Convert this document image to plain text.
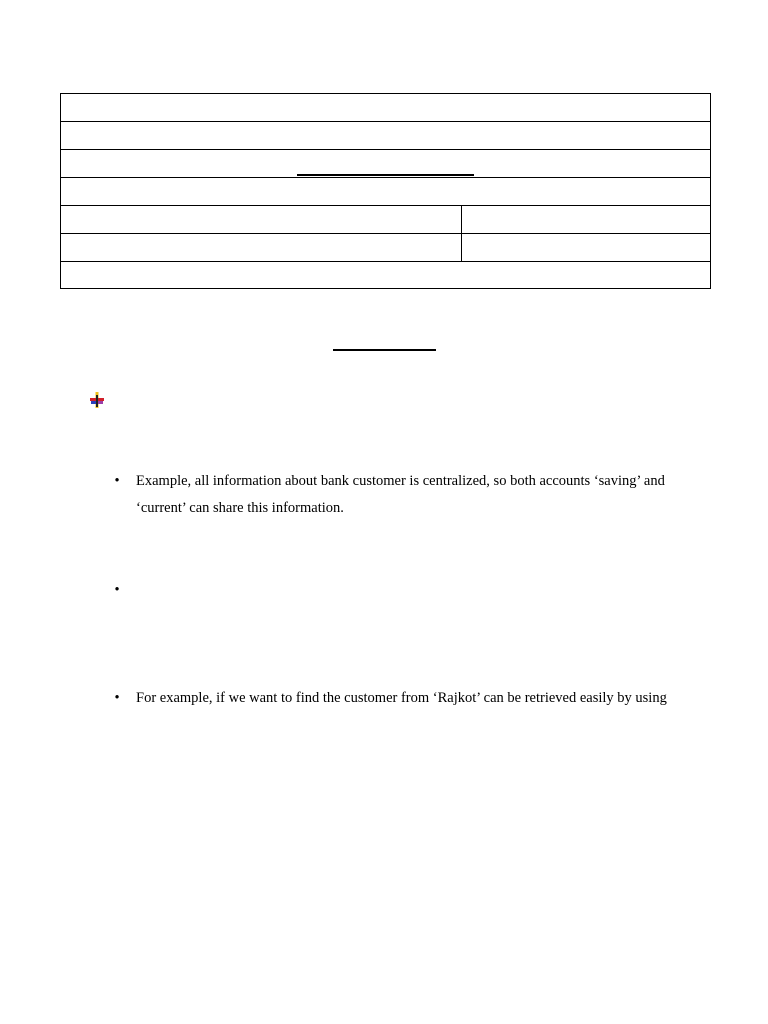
• Example, all information about bank customer is centralized, so both accounts ‘saving’ and
‘current’ can share this information.
•
• For example, if we want to find the customer from ‘Rajkot’ can be retrieved easily by using
